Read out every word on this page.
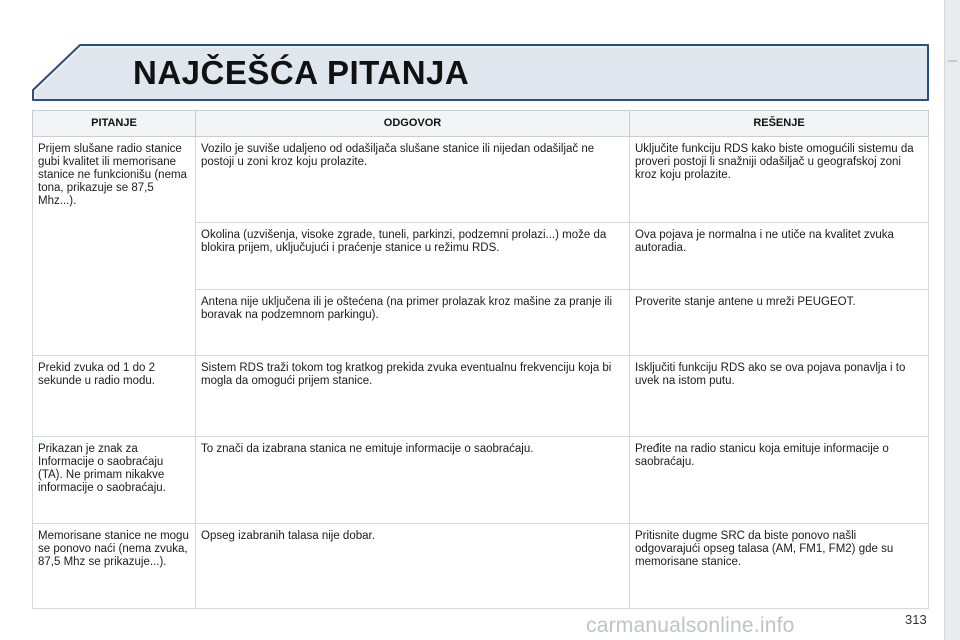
NAJČEŠĆA PITANJA
PITANJE	ODGOVOR	REŠENJE
Prijem slušane radio stanice gubi kvalitet ili memorisane stanice ne funkcionišu (nema tona, prikazuje se 87,5 Mhz...).	Vozilo je suviše udaljeno od odašiljača slušane stanice ili nijedan odašiljač ne postoji u zoni kroz koju prolazite.	Uključite funkciju RDS kako biste omogućili sistemu da proveri postoji li snažniji odašiljač u geografskoj zoni kroz koju prolazite.
	Okolina (uzvišenja, visoke zgrade, tuneli, parkinzi, podzemni prolazi...) može da blokira prijem, uključujući i praćenje stanice u režimu RDS.	Ova pojava je normalna i ne utiče na kvalitet zvuka autoradia.
	Antena nije uključena ili je oštećena (na primer prolazak kroz mašine za pranje ili boravak na podzemnom parkingu).	Proverite stanje antene u mreži PEUGEOT.
Prekid zvuka od 1 do 2 sekunde u radio modu.	Sistem RDS traži tokom tog kratkog prekida zvuka eventualnu frekvenciju koja bi mogla da omogući prijem stanice.	Isključiti funkciju RDS ako se ova pojava ponavlja i to uvek na istom putu.
Prikazan je znak za Informacije o saobraćaju (TA). Ne primam nikakve informacije o saobraćaju.	To znači da izabrana stanica ne emituje informacije o saobraćaju.	Pređite na radio stanicu koja emituje informacije o saobraćaju.
Memorisane stanice ne mogu se ponovo naći (nema zvuka, 87,5 Mhz se prikazuje...).	Opseg izabranih talasa nije dobar.	Pritisnite dugme SRC da biste ponovo našli odgovarajući opseg talasa (AM, FM1, FM2) gde su memorisane stanice.
carmanualsonline.info	313
